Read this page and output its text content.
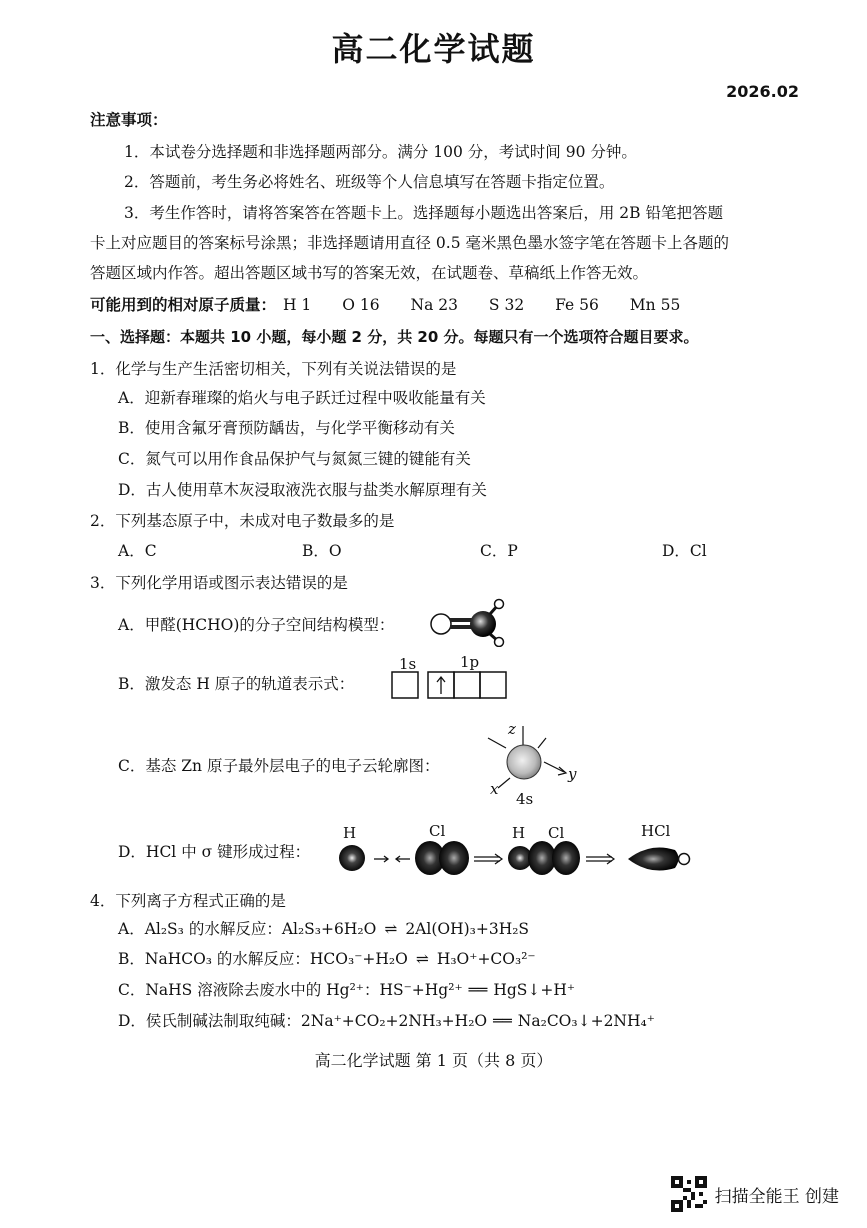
高二化学试题
2026.02
注意事项：
1．本试卷分选择题和非选择题两部分。满分 100 分，考试时间 90 分钟。
2．答题前，考生务必将姓名、班级等个人信息填写在答题卡指定位置。
3．考生作答时，请将答案答在答题卡上。选择题每小题选出答案后，用 2B 铅笔把答题
卡上对应题目的答案标号涂黑；非选择题请用直径 0.5 毫米黑色墨水签字笔在答题卡上各题的
答题区域内作答。超出答题区域书写的答案无效，在试题卷、草稿纸上作答无效。
可能用到的相对原子质量： H 1 O 16 Na 23 S 32 Fe 56 Mn 55
一、选择题：本题共 10 小题，每小题 2 分，共 20 分。每题只有一个选项符合题目要求。
1．化学与生产生活密切相关，下列有关说法错误的是
A．迎新春璀璨的焰火与电子跃迁过程中吸收能量有关
B．使用含氟牙膏预防龋齿，与化学平衡移动有关
C．氮气可以用作食品保护气与氮氮三键的键能有关
D．古人使用草木灰浸取液洗衣服与盐类水解原理有关
2．下列基态原子中，未成对电子数最多的是
A．C	B．O	C．P	D．Cl
3．下列化学用语或图示表达错误的是
A．甲醛(HCHO)的分子空间结构模型：
B．激发态 H 原子的轨道表示式：
1s	1p
C．基态 Zn 原子最外层电子的电子云轮廓图：
z
y
x
4s
D．HCl 中 σ 键形成过程：
H	Cl	H Cl	HCl
4．下列离子方程式正确的是
A．Al₂S₃ 的水解反应：Al₂S₃+6H₂O ⇌ 2Al(OH)₃+3H₂S
B．NaHCO₃ 的水解反应：HCO₃⁻+H₂O ⇌ H₃O⁺+CO₃²⁻
C．NaHS 溶液除去废水中的 Hg²⁺：HS⁻+Hg²⁺ ══ HgS↓+H⁺
D．侯氏制碱法制取纯碱：2Na⁺+CO₂+2NH₃+H₂O ══ Na₂CO₃↓+2NH₄⁺
高二化学试题 第 1 页（共 8 页）
扫描全能王 创建
